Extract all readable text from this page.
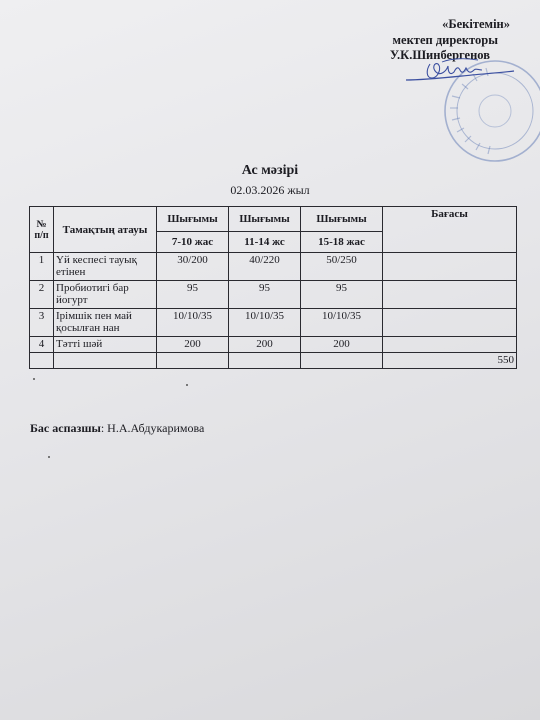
«Бекітемін»
мектеп директоры
У.К.Шинбергенов
Ас мәзірі
02.03.2026 жыл
№ п/п	Тамақтың атауы	Шығымы	Шығымы	Шығымы	Бағасы
		7-10 жас	11-14 жс	15-18 жас	
1	Үй кеспесі тауық етінен	30/200	40/220	50/250	
2	Пробиотигі бар йогурт	95	95	95	
3	Ірімшік пен май қосылған нан	10/10/35	10/10/35	10/10/35	
4	Тәтті шәй	200	200	200	
					550
Бас аспазшы: Н.А.Абдукаримова
